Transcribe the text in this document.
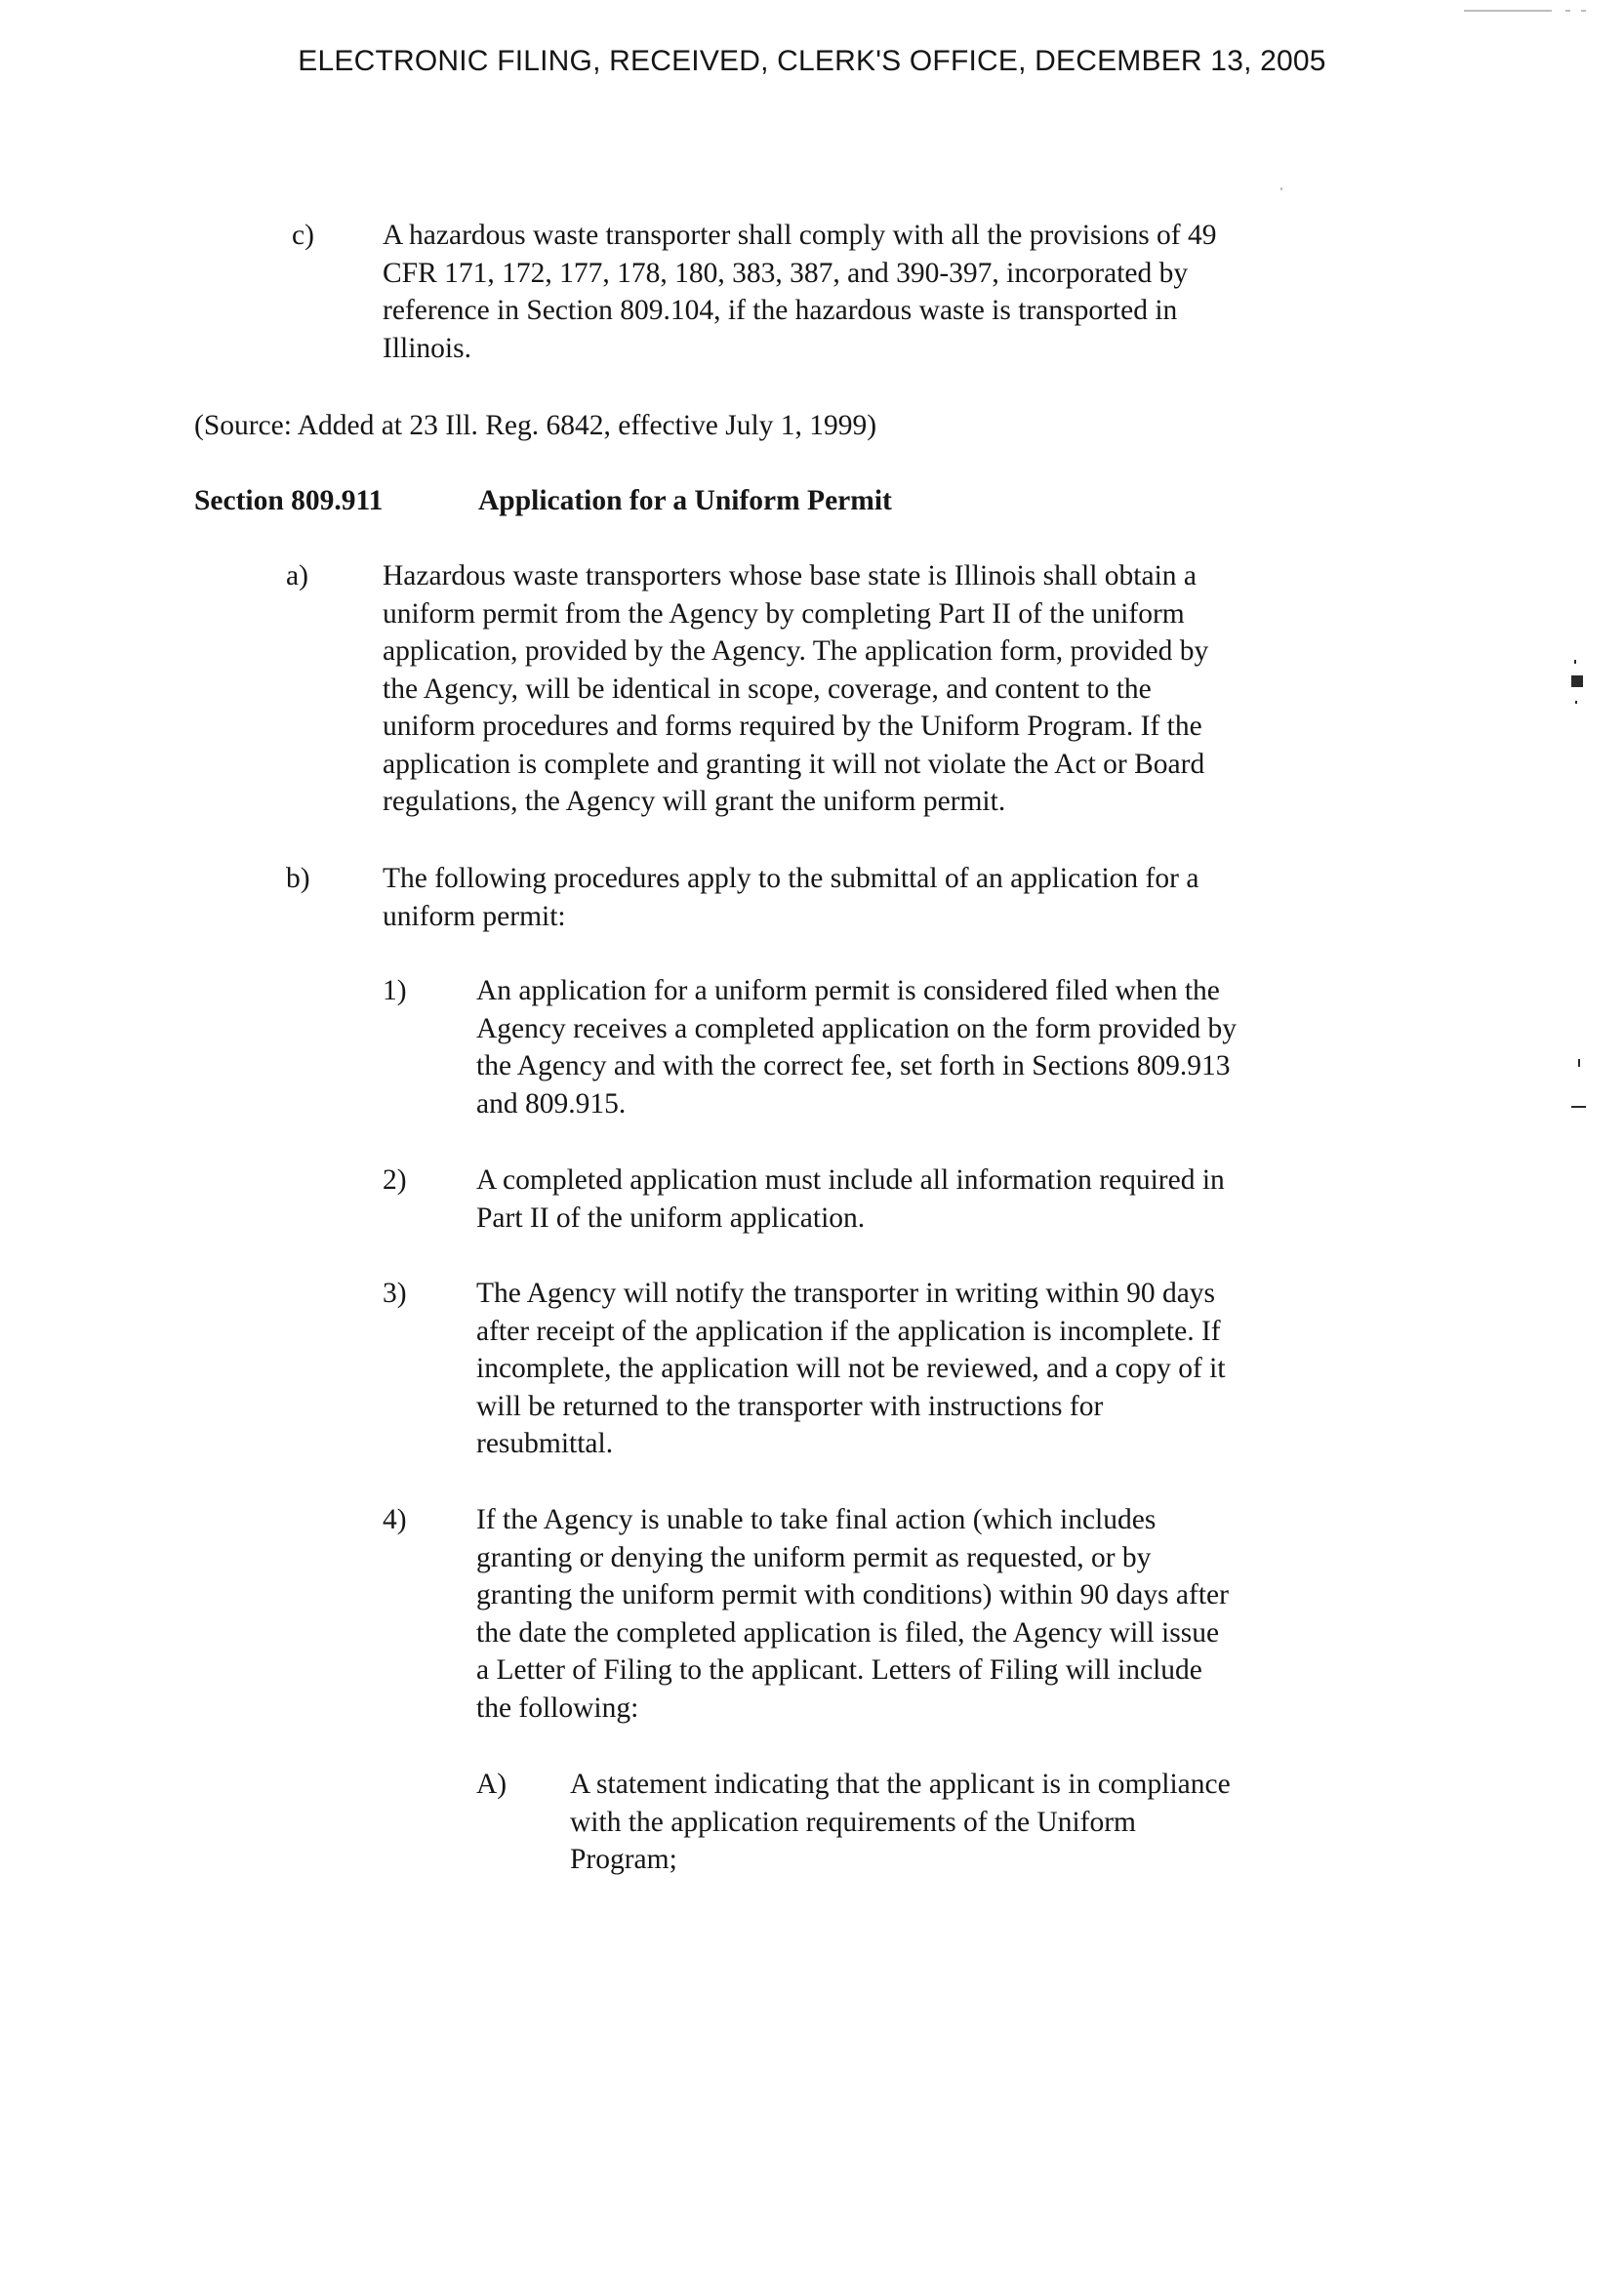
ELECTRONIC FILING, RECEIVED, CLERK'S OFFICE, DECEMBER 13, 2005
c) A hazardous waste transporter shall comply with all the provisions of 49
CFR 171, 172, 177, 178, 180, 383, 387, and 390-397, incorporated by
reference in Section 809.104, if the hazardous waste is transported in
Illinois.
(Source: Added at 23 Ill. Reg. 6842, effective July 1, 1999)
Section 809.911	Application for a Uniform Permit
a)	Hazardous waste transporters whose base state is Illinois shall obtain a
uniform permit from the Agency by completing Part II of the uniform
application, provided by the Agency. The application form, provided by
the Agency, will be identical in scope, coverage, and content to the
uniform procedures and forms required by the Uniform Program. If the
application is complete and granting it will not violate the Act or Board
regulations, the Agency will grant the uniform permit.
b)	The following procedures apply to the submittal of an application for a
uniform permit:
1) An application for a uniform permit is considered filed when the
Agency receives a completed application on the form provided by
the Agency and with the correct fee, set forth in Sections 809.913
and 809.915.
2) A completed application must include all information required in
Part II of the uniform application.
3) The Agency will notify the transporter in writing within 90 days
after receipt of the application if the application is incomplete. If
incomplete, the application will not be reviewed, and a copy of it
will be returned to the transporter with instructions for
resubmittal.
4) If the Agency is unable to take final action (which includes
granting or denying the uniform permit as requested, or by
granting the uniform permit with conditions) within 90 days after
the date the completed application is filed, the Agency will issue
a Letter of Filing to the applicant. Letters of Filing will include
the following:
A) A statement indicating that the applicant is in compliance
with the application requirements of the Uniform
Program;
